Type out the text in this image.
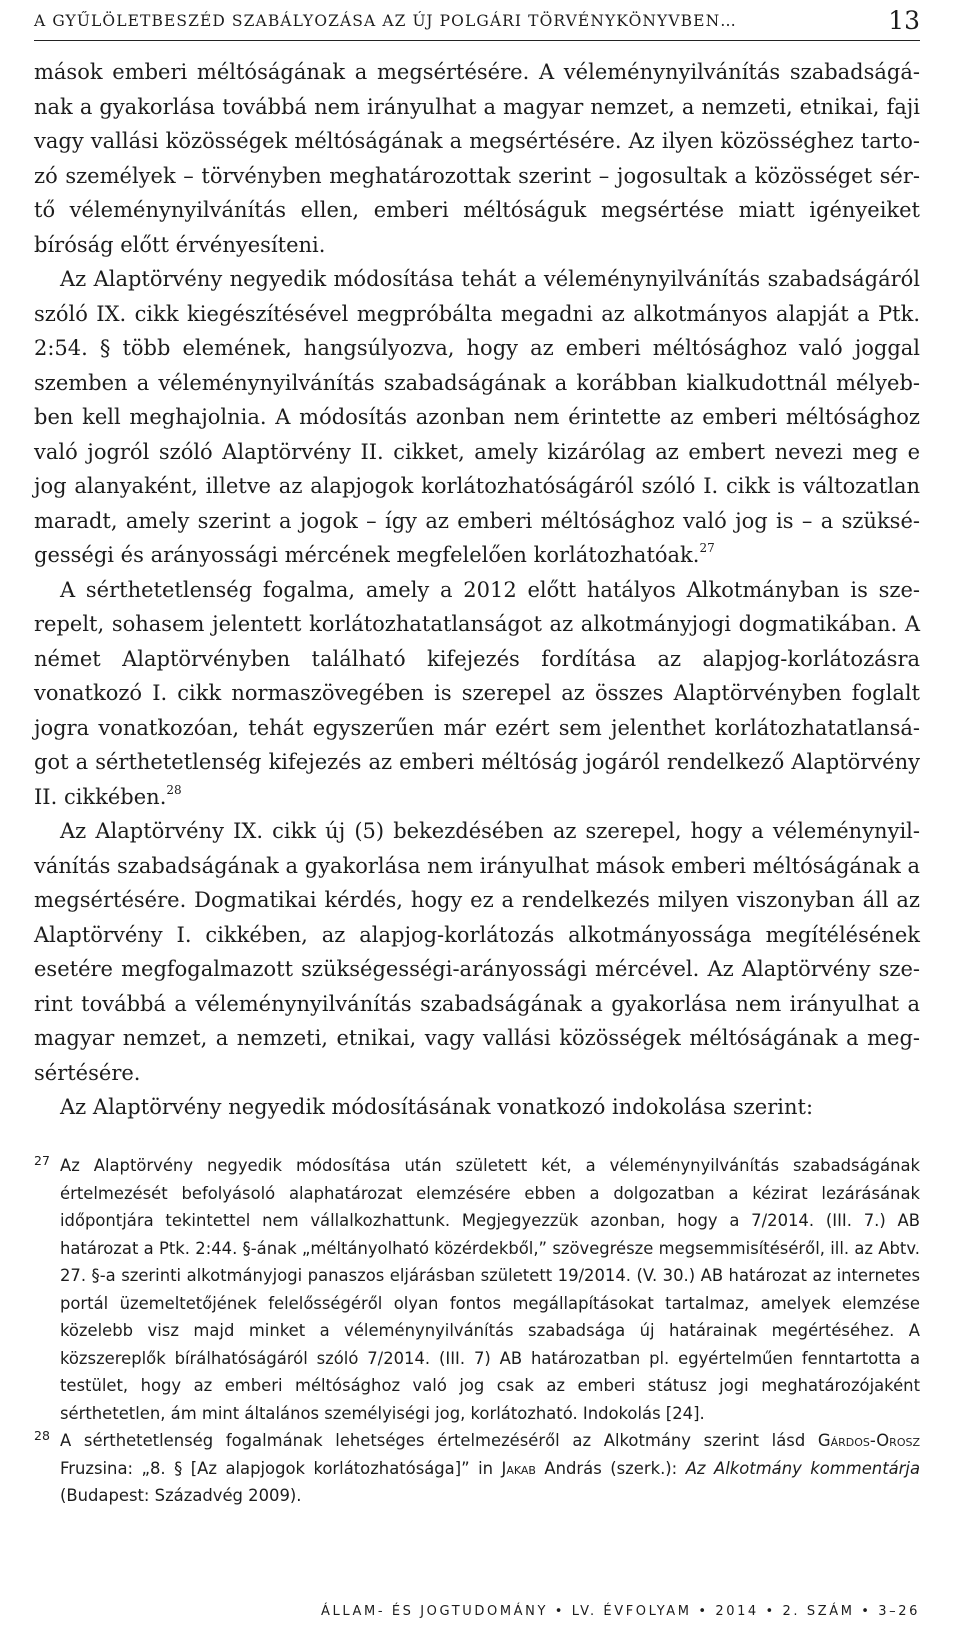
A GYŰLÖLETBESZÉD SZABÁLYOZÁSA AZ ÚJ POLGÁRI TÖRVÉNYKÖNYVBEN…	13

mások emberi méltóságának a megsértésére. A véleménynyilvánítás szabadságának a gyakorlása továbbá nem irányulhat a magyar nemzet, a nemzeti, etnikai, faji vagy vallási közösségek méltóságának a megsértésére. Az ilyen közösséghez tartozó személyek – törvényben meghatározottak szerint – jogosultak a közösséget sértő véleménynyilvánítás ellen, emberi méltóságuk megsértése miatt igényeiket bíróság előtt érvényesíteni.

Az Alaptörvény negyedik módosítása tehát a véleménynyilvánítás szabadságáról szóló IX. cikk kiegészítésével megpróbálta megadni az alkotmányos alapját a Ptk. 2:54. § több elemének, hangsúlyozva, hogy az emberi méltósághoz való joggal szemben a véleménynyilvánítás szabadságának a korábban kialkudottnál mélyebben kell meghajolnia. A módosítás azonban nem érintette az emberi méltósághoz való jogról szóló Alaptörvény II. cikket, amely kizárólag az embert nevezi meg e jog alanyaként, illetve az alapjogok korlátozhatóságáról szóló I. cikk is változatlan maradt, amely szerint a jogok – így az emberi méltósághoz való jog is – a szükségességi és arányossági mércének megfelelően korlátozhatóak.$^{27}$

A sérthetetlenség fogalma, amely a 2012 előtt hatályos Alkotmányban is szerepelt, sohasem jelentett korlátozhatatlanságot az alkotmányjogi dogmatikában. A német Alaptörvényben található kifejezés fordítása az alapjog-korlátozásra vonatkozó I. cikk normaszövegében is szerepel az összes Alaptörvényben foglalt jogra vonatkozóan, tehát egyszerűen már ezért sem jelenthet korlátozhatatlanságot a sérthetetlenség kifejezés az emberi méltóság jogáról rendelkező Alaptörvény II. cikkében.$^{28}$

Az Alaptörvény IX. cikk új (5) bekezdésében az szerepel, hogy a véleménynyilvánítás szabadságának a gyakorlása nem irányulhat mások emberi méltóságának a megsértésére. Dogmatikai kérdés, hogy ez a rendelkezés milyen viszonyban áll az Alaptörvény I. cikkében, az alapjog-korlátozás alkotmányossága megítélésének esetére megfogalmazott szükségességi-arányossági mércével. Az Alaptörvény szerint továbbá a véleménynyilvánítás szabadságának a gyakorlása nem irányulhat a magyar nemzet, a nemzeti, etnikai, vagy vallási közösségek méltóságának a megsértésére.

Az Alaptörvény negyedik módosításának vonatkozó indokolása szerint:

27 Az Alaptörvény negyedik módosítása után született két, a véleménynyilvánítás szabadságának értelmezését befolyásoló alaphatározat elemzésére ebben a dolgozatban a kézirat lezárásának időpontjára tekintettel nem vállalkozhattunk. Megjegyezzük azonban, hogy a 7/2014. (III. 7.) AB határozat a Ptk. 2:44. §-ának „méltányolható közérdekből,” szövegrésze megsemmisítéséről, ill. az Abtv. 27. §-a szerinti alkotmányjogi panaszos eljárásban született 19/2014. (V. 30.) AB határozat az internetes portál üzemeltetőjének felelősségéről olyan fontos megállapításokat tartalmaz, amelyek elemzése közelebb visz majd minket a véleménynyilvánítás szabadsága új határainak megértéséhez. A közszereplők bírálhatóságáról szóló 7/2014. (III. 7) AB határozatban pl. egyértelműen fenntartotta a testület, hogy az emberi méltósághoz való jog csak az emberi státusz jogi meghatározójaként sérthetetlen, ám mint általános személyiségi jog, korlátozható. Indokolás [24].

28 A sérthetetlenség fogalmának lehetséges értelmezéséről az Alkotmány szerint lásd Gárdos-Orosz Fruzsina: „8. § [Az alapjogok korlátozhatósága]” in Jakab András (szerk.): Az Alkotmány kommentárja (Budapest: Századvég 2009).

ÁLLAM- ÉS JOGTUDOMÁNY • LV. ÉVFOLYAM • 2014 • 2. SZÁM • 3–26
